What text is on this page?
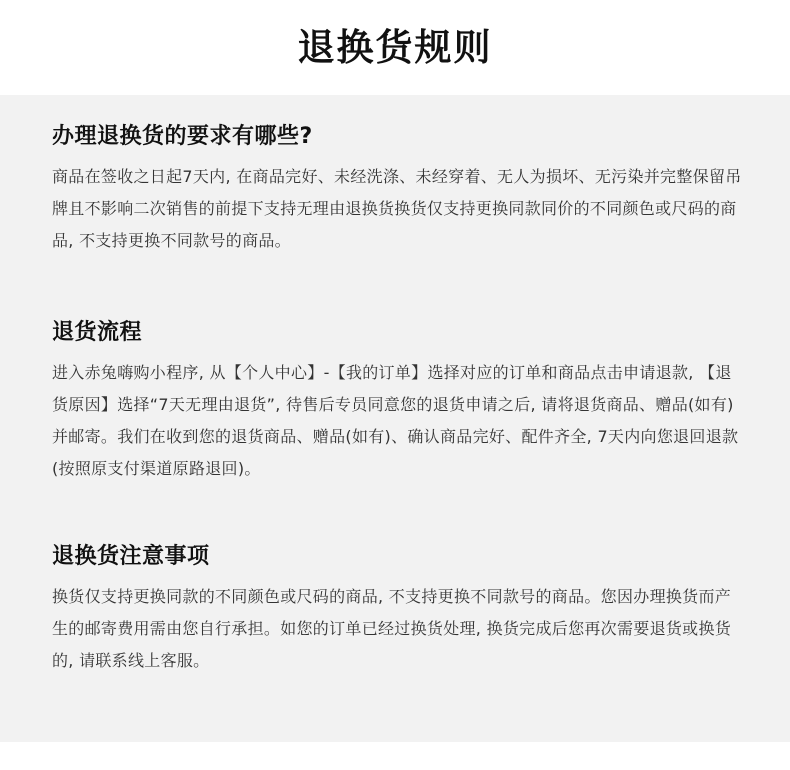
退换货规则
办理退换货的要求有哪些?

商品在签收之日起7天内, 在商品完好、未经洗涤、未经穿着、无人为损坏、无污染并完整保留吊牌且不影响二次销售的前提下支持无理由退换货换货仅支持更换同款同价的不同颜色或尺码的商品, 不支持更换不同款号的商品。

退货流程

进入赤兔嗨购小程序, 从【个人中心】-【我的订单】选择对应的订单和商品点击申请退款, 【退货原因】选择“7天无理由退货”, 待售后专员同意您的退货申请之后, 请将退货商品、赠品(如有)并邮寄。我们在收到您的退货商品、赠品(如有)、确认商品完好、配件齐全, 7天内向您退回退款(按照原支付渠道原路退回)。

退换货注意事项

换货仅支持更换同款的不同颜色或尺码的商品, 不支持更换不同款号的商品。您因办理换货而产生的邮寄费用需由您自行承担。如您的订单已经过换货处理, 换货完成后您再次需要退货或换货的, 请联系线上客服。
